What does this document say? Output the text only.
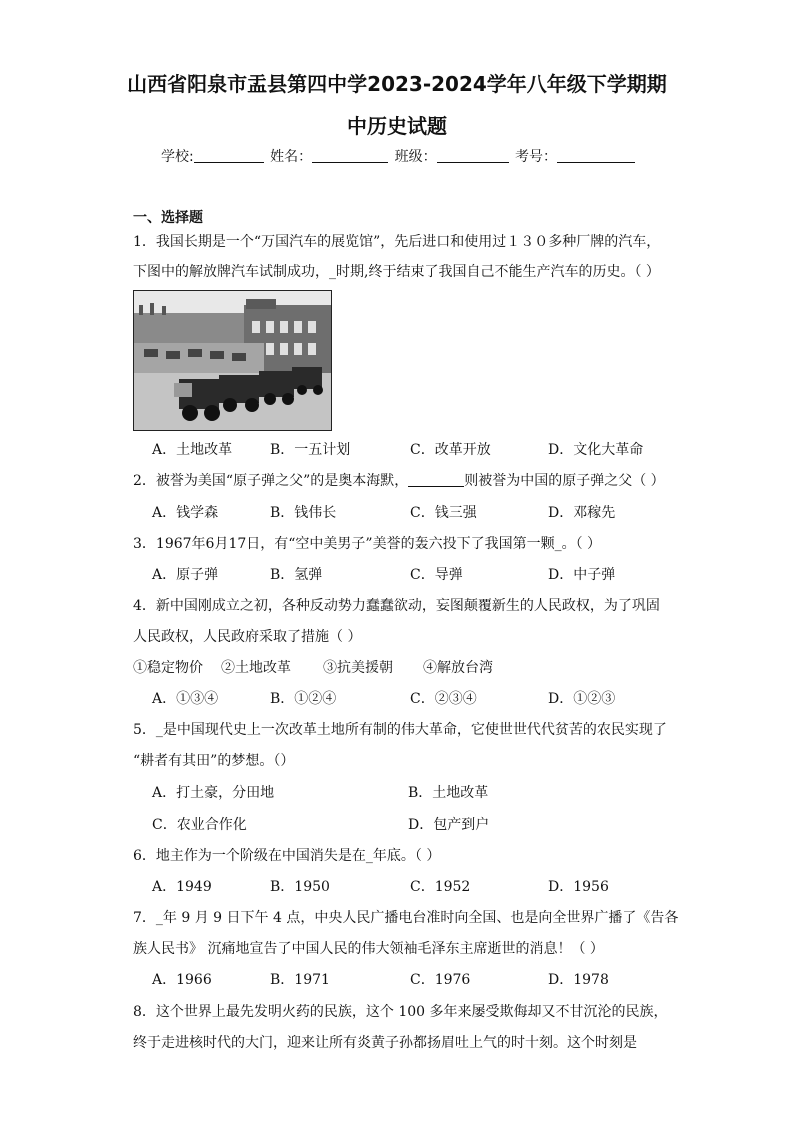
山西省阳泉市盂县第四中学2023-2024学年八年级下学期期
中历史试题
学校:	姓名：	班级：	考号：
一、选择题
1．我国长期是一个“万国汽车的展览馆”，先后进口和使用过１３０多种厂牌的汽车，
下图中的解放牌汽车试制成功，_时期,终于结束了我国自己不能生产汽车的历史。（ ）
A．土地改革	B．一五计划	C．改革开放	D．文化大革命
2．被誉为美国“原子弹之父”的是奥本海默，	则被誉为中国的原子弹之父（ ）
A．钱学森	B．钱伟长	C．钱三强	D．邓稼先
3．1967年6月17日，有“空中美男子”美誉的轰六投下了我国第一颗_。（ ）
A．原子弹	B．氢弹	C．导弹	D．中子弹
4．新中国刚成立之初，各种反动势力蠢蠢欲动，妄图颠覆新生的人民政权，为了巩固
人民政权，人民政府采取了措施（ ）
①稳定物价 ②土地改革 ③抗美援朝 ④解放台湾
A．①③④	B．①②④	C．②③④	D．①②③
5．_是中国现代史上一次改革土地所有制的伟大革命，它使世世代代贫苦的农民实现了
“耕者有其田”的梦想。（）
A．打土豪，分田地	B．土地改革
C．农业合作化	D．包产到户
6．地主作为一个阶级在中国消失是在_年底。（ ）
A．1949	B．1950	C．1952	D．1956
7．_年 9 月 9 日下午 4 点，中央人民广播电台准时向全国、也是向全世界广播了《告各
族人民书》 沉痛地宣告了中国人民的伟大领袖毛泽东主席逝世的消息！（ ）
A．1966	B．1971	C．1976	D．1978
8．这个世界上最先发明火药的民族，这个 100 多年来屡受欺侮却又不甘沉沦的民族，
终于走进核时代的大门，迎来让所有炎黄子孙都扬眉吐上气的时十刻。这个时刻是
